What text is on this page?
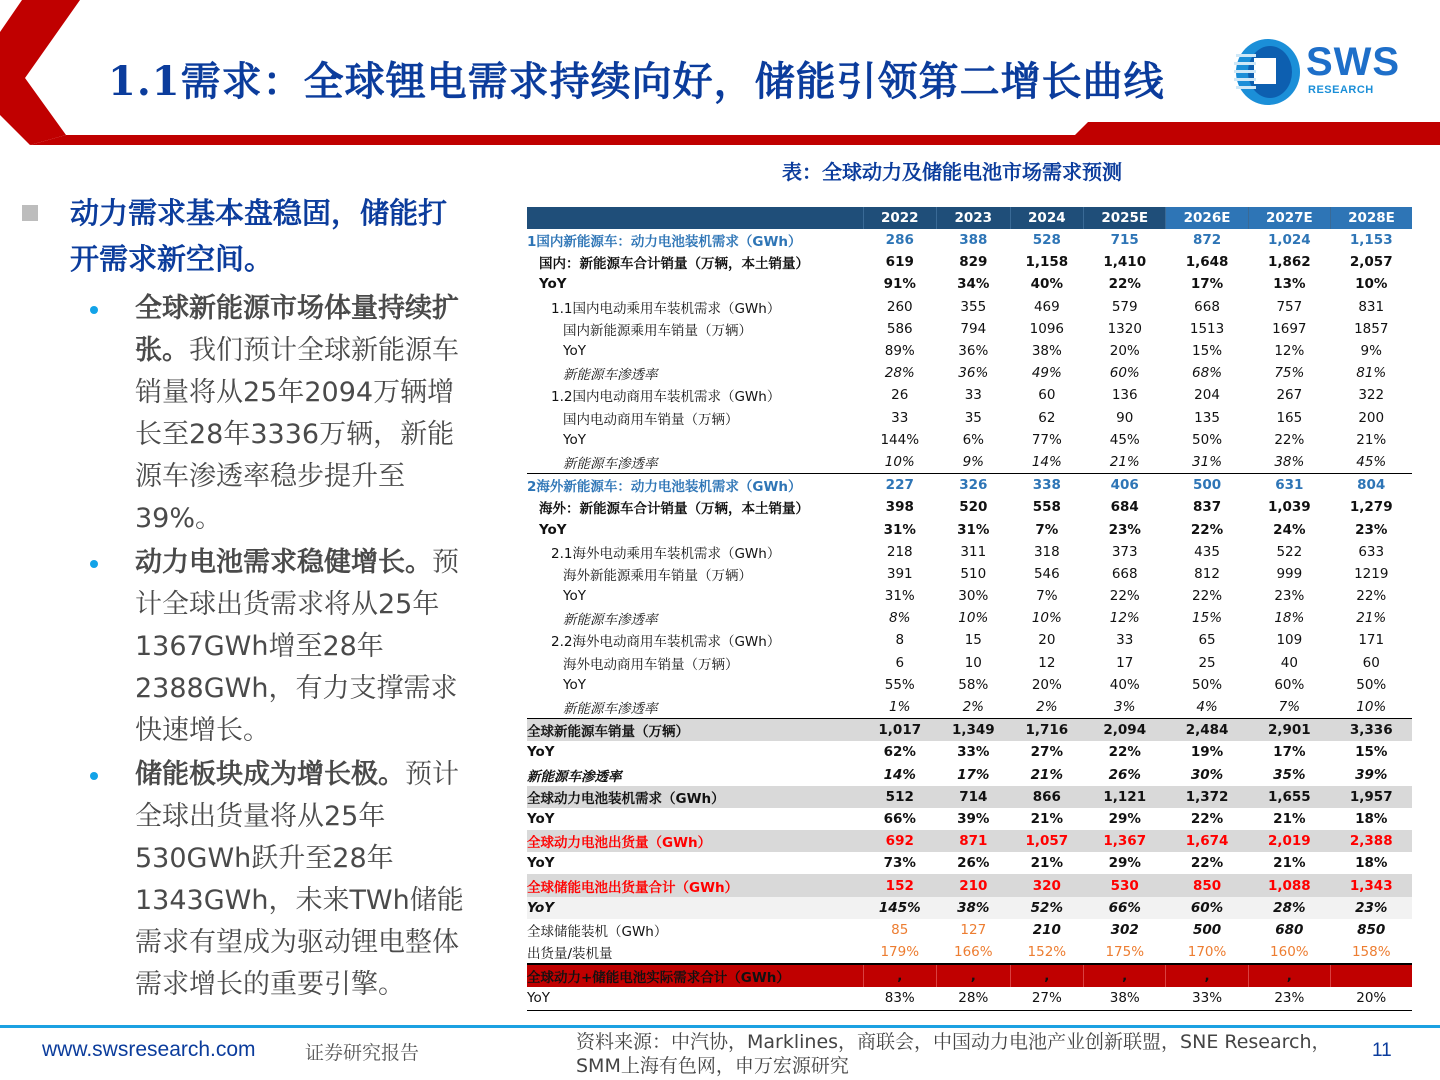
1.1需求：全球锂电需求持续向好，储能引领第二增长曲线	SWS
RESEARCH
表：全球动力及储能电池市场需求预测
动力需求基本盘稳固，储能打开需求新空间。
全球新能源市场体量持续扩张。我们预计全球新能源车销量将从25年2094万辆增长至28年3336万辆，新能源车渗透率稳步提升至39%。
动力电池需求稳健增长。预计全球出货需求将从25年1367GWh增至28年2388GWh，有力支撑需求快速增长。
储能板块成为增长极。预计全球出货量将从25年530GWh跃升至28年1343GWh，未来TWh储能需求有望成为驱动锂电整体需求增长的重要引擎。
	2022	2023	2024	2025E	2026E	2027E	2028E
1国内新能源车：动力电池装机需求（GWh）	286	388	528	715	872	1,024	1,153
国内：新能源车合计销量（万辆，本土销量）	619	829	1,158	1,410	1,648	1,862	2,057
YoY	91%	34%	40%	22%	17%	13%	10%
1.1国内电动乘用车装机需求（GWh）	260	355	469	579	668	757	831
国内新能源乘用车销量（万辆）	586	794	1096	1320	1513	1697	1857
YoY	89%	36%	38%	20%	15%	12%	9%
新能源车渗透率	28%	36%	49%	60%	68%	75%	81%
1.2国内电动商用车装机需求（GWh）	26	33	60	136	204	267	322
国内电动商用车销量（万辆）	33	35	62	90	135	165	200
YoY	144%	6%	77%	45%	50%	22%	21%
新能源车渗透率	10%	9%	14%	21%	31%	38%	45%
2海外新能源车：动力电池装机需求（GWh）	227	326	338	406	500	631	804
海外：新能源车合计销量（万辆，本土销量）	398	520	558	684	837	1,039	1,279
YoY	31%	31%	7%	23%	22%	24%	23%
2.1海外电动乘用车装机需求（GWh）	218	311	318	373	435	522	633
海外新能源乘用车销量（万辆）	391	510	546	668	812	999	1219
YoY	31%	30%	7%	22%	22%	23%	22%
新能源车渗透率	8%	10%	10%	12%	15%	18%	21%
2.2海外电动商用车装机需求（GWh）	8	15	20	33	65	109	171
海外电动商用车销量（万辆）	6	10	12	17	25	40	60
YoY	55%	58%	20%	40%	50%	60%	50%
新能源车渗透率	1%	2%	2%	3%	4%	7%	10%
全球新能源车销量（万辆）	1,017	1,349	1,716	2,094	2,484	2,901	3,336
YoY	62%	33%	27%	22%	19%	17%	15%
新能源车渗透率	14%	17%	21%	26%	30%	35%	39%
全球动力电池装机需求（GWh）	512	714	866	1,121	1,372	1,655	1,957
YoY	66%	39%	21%	29%	22%	21%	18%
全球动力电池出货量（GWh）	692	871	1,057	1,367	1,674	2,019	2,388
YoY	73%	26%	21%	29%	22%	21%	18%
全球储能电池出货量合计（GWh）	152	210	320	530	850	1,088	1,343
YoY	145%	38%	52%	66%	60%	28%	23%
全球储能装机（GWh）	85	127	210	302	500	680	850
出货量/装机量	179%	166%	152%	175%	170%	160%	158%
全球动力+储能电池实际需求合计（GWh）	,	,	,	,	,	,	
YoY	83%	28%	27%	38%	33%	23%	20%
www.swsresearch.com	证券研究报告	资料来源：中汽协，Marklines，商联会，中国动力电池产业创新联盟，SNE Research，SMM上海有色网，申万宏源研究
11
